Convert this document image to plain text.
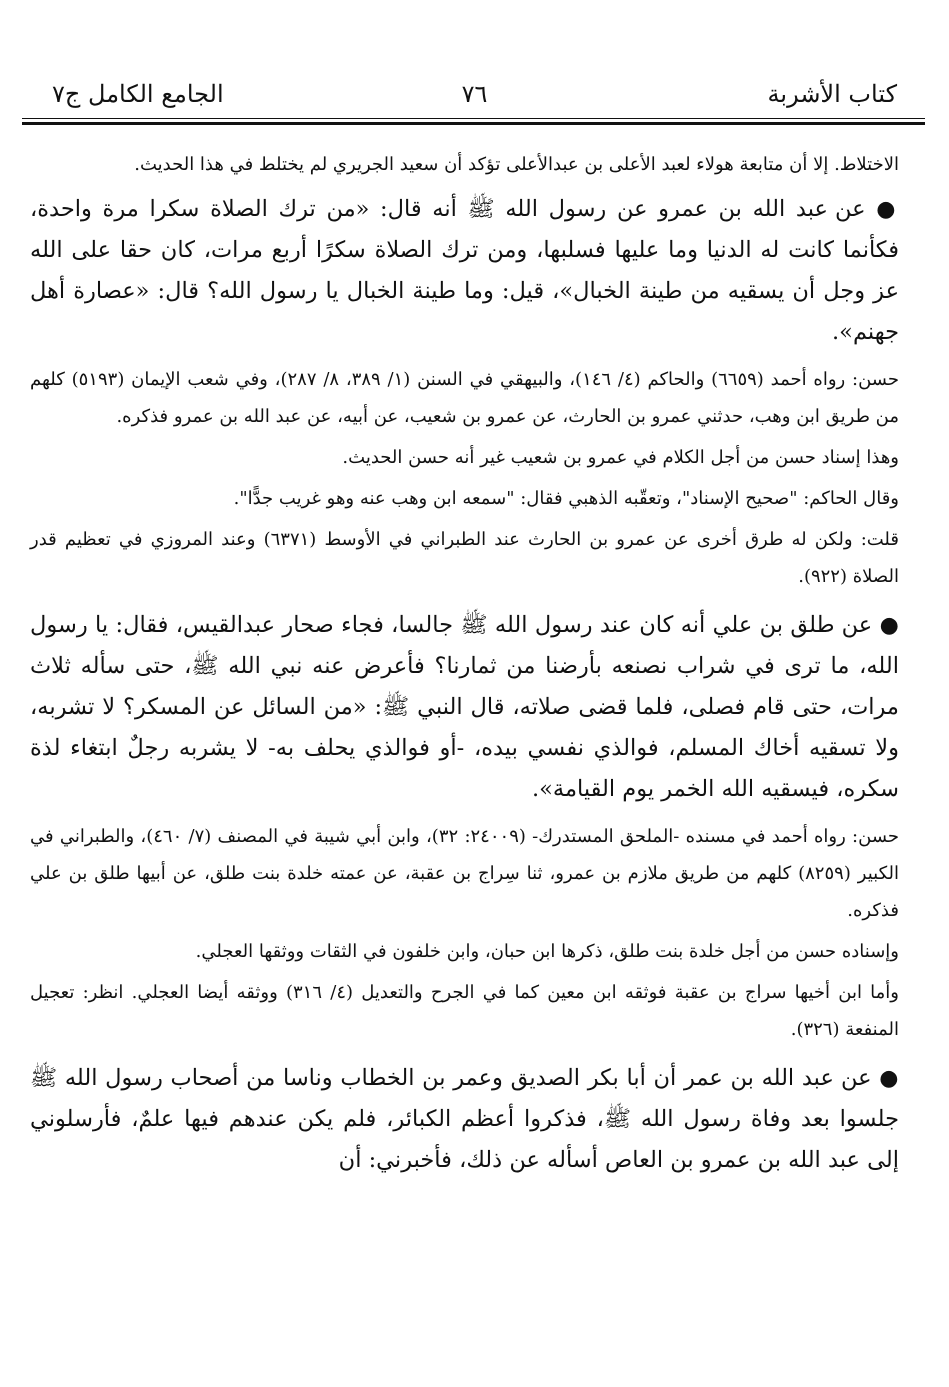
كتاب الأشربة
٧٦
الجامع الكامل ج٧

الاختلاط. إلا أن متابعة هولاء لعبد الأعلى بن عبدالأعلى تؤكد أن سعيد الجريري لم يختلط في هذا الحديث.

● عن عبد الله بن عمرو عن رسول الله ﷺ أنه قال: «من ترك الصلاة سكرا مرة واحدة، فكأنما كانت له الدنيا وما عليها فسلبها، ومن ترك الصلاة سكرًا أربع مرات، كان حقا على الله عز وجل أن يسقيه من طينة الخبال»، قيل: وما طينة الخبال يا رسول الله؟ قال: «عصارة أهل جهنم».

حسن: رواه أحمد (٦٦٥٩) والحاكم (٤/ ١٤٦)، والبيهقي في السنن (١/ ٣٨٩، ٨/ ٢٨٧)، وفي شعب الإيمان (٥١٩٣) كلهم من طريق ابن وهب، حدثني عمرو بن الحارث، عن عمرو بن شعيب، عن أبيه، عن عبد الله بن عمرو فذكره.

وهذا إسناد حسن من أجل الكلام في عمرو بن شعيب غير أنه حسن الحديث.

وقال الحاكم: "صحيح الإسناد"، وتعقّبه الذهبي فقال: "سمعه ابن وهب عنه وهو غريب جدًّا".

قلت: ولكن له طرق أخرى عن عمرو بن الحارث عند الطبراني في الأوسط (٦٣٧١) وعند المروزي في تعظيم قدر الصلاة (٩٢٢).

● عن طلق بن علي أنه كان عند رسول الله ﷺ جالسا، فجاء صحار عبدالقيس، فقال: يا رسول الله، ما ترى في شراب نصنعه بأرضنا من ثمارنا؟ فأعرض عنه نبي الله ﷺ، حتى سأله ثلاث مرات، حتى قام فصلى، فلما قضى صلاته، قال النبي ﷺ: «من السائل عن المسكر؟ لا تشربه، ولا تسقيه أخاك المسلم، فوالذي نفسي بيده، -أو فوالذي يحلف به- لا يشربه رجلٌ ابتغاء لذة سكره، فيسقيه الله الخمر يوم القيامة».

حسن: رواه أحمد في مسنده -الملحق المستدرك- (٢٤٠٠٩: ٣٢)، وابن أبي شيبة في المصنف (٧/ ٤٦٠)، والطبراني في الكبير (٨٢٥٩) كلهم من طريق ملازم بن عمرو، ثنا سِراج بن عقبة، عن عمته خلدة بنت طلق، عن أبيها طلق بن علي فذكره.

وإسناده حسن من أجل خلدة بنت طلق، ذكرها ابن حبان، وابن خلفون في الثقات ووثقها العجلي.

وأما ابن أخيها سراج بن عقبة فوثقه ابن معين كما في الجرح والتعديل (٤/ ٣١٦) ووثقه أيضا العجلي. انظر: تعجيل المنفعة (٣٢٦).

● عن عبد الله بن عمر أن أبا بكر الصديق وعمر بن الخطاب وناسا من أصحاب رسول الله ﷺ جلسوا بعد وفاة رسول الله ﷺ، فذكروا أعظم الكبائر، فلم يكن عندهم فيها علمٌ، فأرسلوني إلى عبد الله بن عمرو بن العاص أسأله عن ذلك، فأخبرني: أن
